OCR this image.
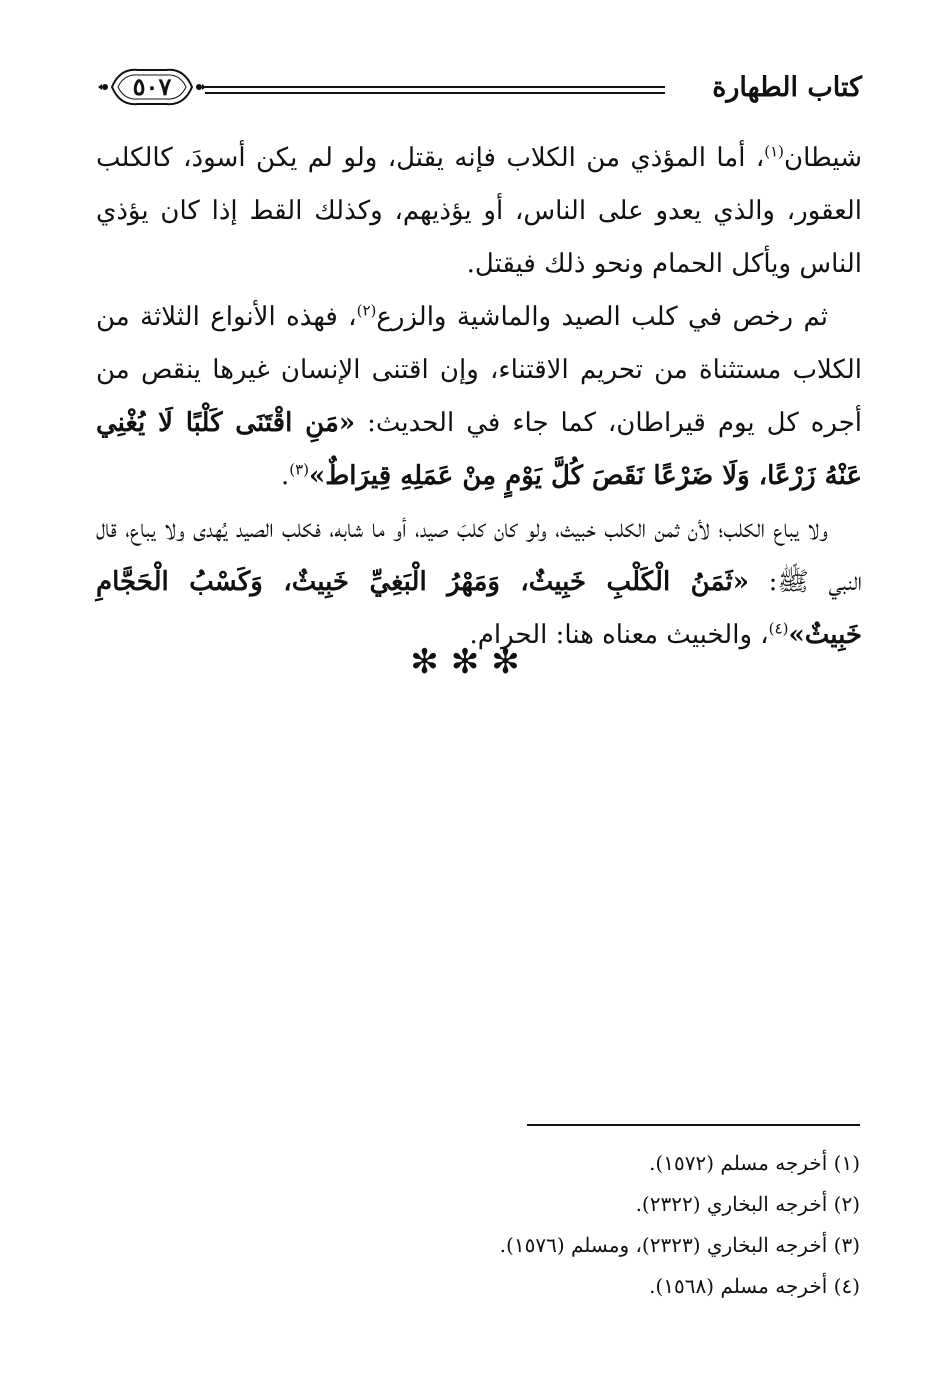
كتاب الطهارة
٥٠٧

شيطان$^{(١)}$، أما المؤذي من الكلاب فإنه يقتل، ولو لم يكن أسودَ، كالكلب العقور، والذي يعدو على الناس، أو يؤذيهم، وكذلك القط إذا كان يؤذي الناس ويأكل الحمام ونحو ذلك فيقتل.

ثم رخص في كلب الصيد والماشية والزرع$^{(٢)}$، فهذه الأنواع الثلاثة من الكلاب مستثناة من تحريم الاقتناء، وإن اقتنى الإنسان غيرها ينقص من أجره كل يوم قيراطان، كما جاء في الحديث: «مَنِ اقْتَنَى كَلْبًا لَا يُغْنِي عَنْهُ زَرْعًا، وَلَا ضَرْعًا نَقَصَ كُلَّ يَوْمٍ مِنْ عَمَلِهِ قِيرَاطٌ»$^{(٣)}$.

ولا يباع الكلب؛ لأن ثمن الكلب خبيث، ولو كان كلبَ صيد، أو ما شابه، فكلب الصيد يُهدى ولا يباع، قال النبي ﷺ: «ثَمَنُ الْكَلْبِ خَبِيثٌ، وَمَهْرُ الْبَغِيِّ خَبِيثٌ، وَكَسْبُ الْحَجَّامِ خَبِيثٌ»$^{(٤)}$، والخبيث معناه هنا: الحرام.

✻✻✻
(١) أخرجه مسلم (١٥٧٢).
(٢) أخرجه البخاري (٢٣٢٢).
(٣) أخرجه البخاري (٢٣٢٣)، ومسلم (١٥٧٦).
(٤) أخرجه مسلم (١٥٦٨).
